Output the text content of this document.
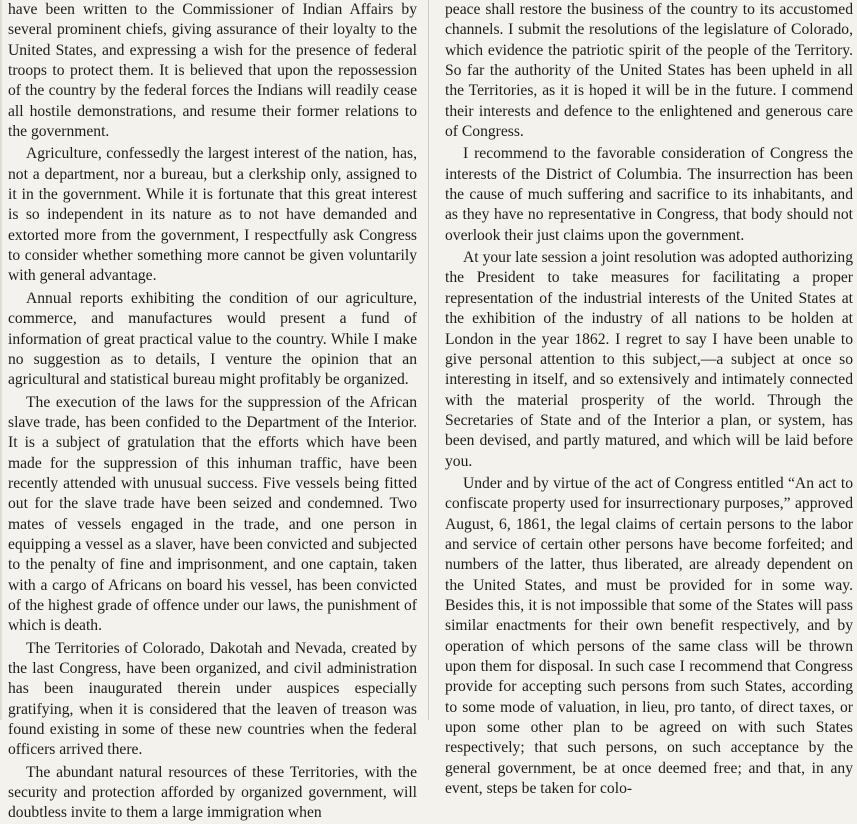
have been written to the Commissioner of Indian Affairs by several prominent chiefs, giving assurance of their loyalty to the United States, and expressing a wish for the presence of federal troops to protect them. It is believed that upon the repossession of the country by the federal forces the Indians will readily cease all hostile demonstrations, and resume their former relations to the government.

Agriculture, confessedly the largest interest of the nation, has, not a department, nor a bureau, but a clerkship only, assigned to it in the government. While it is fortunate that this great interest is so independent in its nature as to not have demanded and extorted more from the government, I respectfully ask Congress to consider whether something more cannot be given voluntarily with general advantage.

Annual reports exhibiting the condition of our agriculture, commerce, and manufactures would present a fund of information of great practical value to the country. While I make no suggestion as to details, I venture the opinion that an agricultural and statistical bureau might profitably be organized.

The execution of the laws for the suppression of the African slave trade, has been confided to the Department of the Interior. It is a subject of gratulation that the efforts which have been made for the suppression of this inhuman traffic, have been recently attended with unusual success. Five vessels being fitted out for the slave trade have been seized and condemned. Two mates of vessels engaged in the trade, and one person in equipping a vessel as a slaver, have been convicted and subjected to the penalty of fine and imprisonment, and one captain, taken with a cargo of Africans on board his vessel, has been convicted of the highest grade of offence under our laws, the punishment of which is death.

The Territories of Colorado, Dakotah and Nevada, created by the last Congress, have been organized, and civil administration has been inaugurated therein under auspices especially gratifying, when it is considered that the leaven of treason was found existing in some of these new countries when the federal officers arrived there.

The abundant natural resources of these Territories, with the security and protection afforded by organized government, will doubtless invite to them a large immigration when

peace shall restore the business of the country to its accustomed channels. I submit the resolutions of the legislature of Colorado, which evidence the patriotic spirit of the people of the Territory. So far the authority of the United States has been upheld in all the Territories, as it is hoped it will be in the future. I commend their interests and defence to the enlightened and generous care of Congress.

I recommend to the favorable consideration of Congress the interests of the District of Columbia. The insurrection has been the cause of much suffering and sacrifice to its inhabitants, and as they have no representative in Congress, that body should not overlook their just claims upon the government.

At your late session a joint resolution was adopted authorizing the President to take measures for facilitating a proper representation of the industrial interests of the United States at the exhibition of the industry of all nations to be holden at London in the year 1862. I regret to say I have been unable to give personal attention to this subject,—a subject at once so interesting in itself, and so extensively and intimately connected with the material prosperity of the world. Through the Secretaries of State and of the Interior a plan, or system, has been devised, and partly matured, and which will be laid before you.

Under and by virtue of the act of Congress entitled “An act to confiscate property used for insurrectionary purposes,” approved August, 6, 1861, the legal claims of certain persons to the labor and service of certain other persons have become forfeited; and numbers of the latter, thus liberated, are already dependent on the United States, and must be provided for in some way. Besides this, it is not impossible that some of the States will pass similar enactments for their own benefit respectively, and by operation of which persons of the same class will be thrown upon them for disposal. In such case I recommend that Congress provide for accepting such persons from such States, according to some mode of valuation, in lieu, pro tanto, of direct taxes, or upon some other plan to be agreed on with such States respectively; that such persons, on such acceptance by the general government, be at once deemed free; and that, in any event, steps be taken for colo-
